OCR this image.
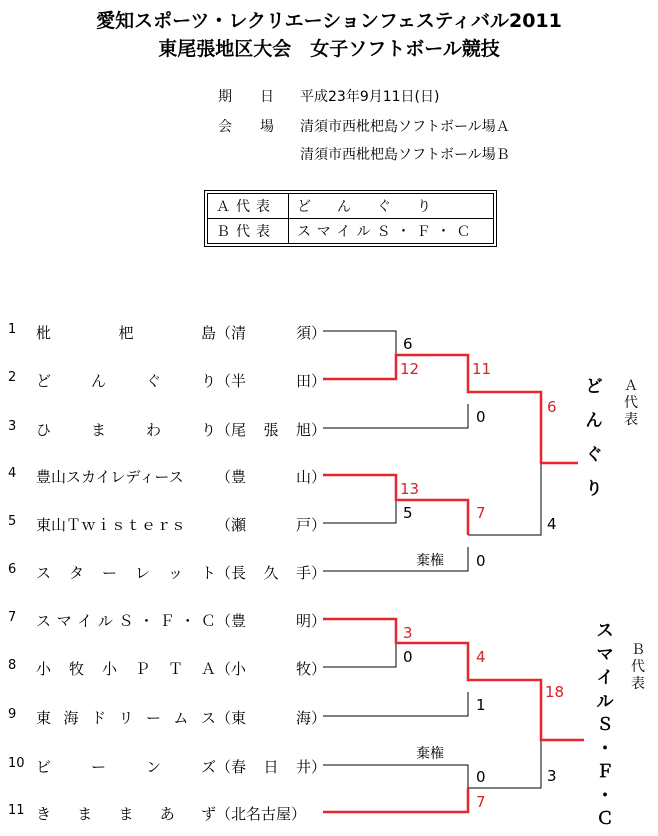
愛知スポーツ・レクリエーションフェスティバル2011
東尾張地区大会　女子ソフトボール競技
期　　日 平成23年9月11日(日)
会　　場 清須市西枇杷島ソフトボール場Ａ
清須市西枇杷島ソフトボール場Ｂ
Ａ代表	ど　ん　ぐ　り
Ｂ代表	スマイルＳ・Ｆ・Ｃ
1	枇	杷	島 （清	須）
2	ど	ん	ぐ	り （半	田）
3	ひ	ま	わ	り （尾 張 旭）
4	豊山スカイレディース （豊	山）
5	東山Ｔｗｉｓｔｅｒｓ （瀬	戸）
6	ス タ ー レ ッ ト （長 久 手）
7	ス マ イ ル Ｓ ・ Ｆ ・ Ｃ （豊	明）
8	小 牧 小 Ｐ Ｔ Ａ （小	牧）
9	東 海 ド リ ー ム ス （東	海）
10 ビ	ー	ン	ズ （春 日 井）
11 き ま ま あ ず （北名古屋）
6
12	11
0
6
13
5	7
棄権 0
4
3
0	4
1
18
棄権
0
7
3
Ａ
代
表
ど
ん
ぐ
り
Ｂ
代
表
ス
マ
イ
ル
Ｓ
・
Ｆ
・
Ｃ
